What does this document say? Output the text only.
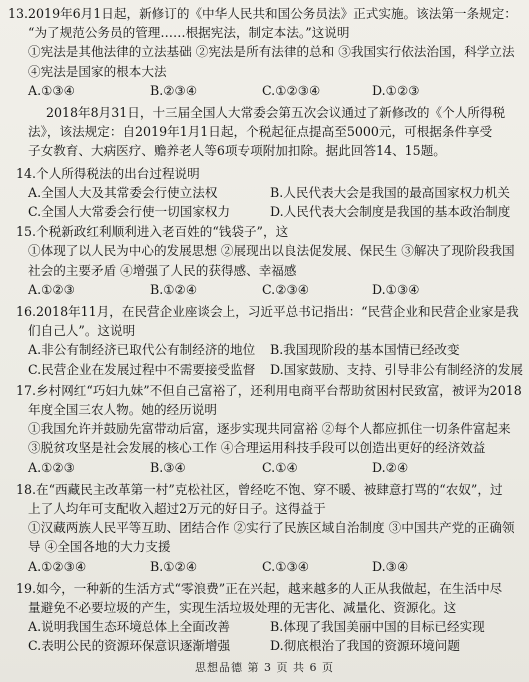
13.2019年6月1日起，新修订的《中华人民共和国公务员法》正式实施。该法第一条规定：
“为了规范公务员的管理……根据宪法，制定本法。”这说明
①宪法是其他法律的立法基础 ②宪法是所有法律的总和 ③我国实行依法治国，科学立法
④宪法是国家的根本大法
A.①③④	B.②③④	C.①②③④	D.①②③
2018年8月31日，十三届全国人大常委会第五次会议通过了新修改的《个人所得税
法》，该法规定：自2019年1月1日起，个税起征点提高至5000元，可根据条件享受
子女教育、大病医疗、赡养老人等6项专项附加扣除。据此回答14、15题。
14.个人所得税法的出台过程说明
A.全国人大及其常委会行使立法权	B.人民代表大会是我国的最高国家权力机关
C.全国人大常委会行使一切国家权力	D.人民代表大会制度是我国的基本政治制度
15.个税新政红利顺利进入老百姓的“钱袋子”，这
①体现了以人民为中心的发展思想 ②展现出以良法促发展、保民生 ③解决了现阶段我国
社会的主要矛盾 ④增强了人民的获得感、幸福感
A.①②③	B.①②④	C.②③④	D.①③④
16.2018年11月，在民营企业座谈会上，习近平总书记指出：“民营企业和民营企业家是我
们自己人”。这说明
A.非公有制经济已取代公有制经济的地位 B.我国现阶段的基本国情已经改变
C.民营企业在发展过程中不需要接受监督 D.国家鼓励、支持、引导非公有制经济的发展
17.乡村网红“巧妇九妹”不但自己富裕了，还利用电商平台帮助贫困村民致富，被评为2018
年度全国三农人物。她的经历说明
①我国允许并鼓励先富带动后富，逐步实现共同富裕 ②每个人都应抓住一切条件富起来
③脱贫攻坚是社会发展的核心工作 ④合理运用科技手段可以创造出更好的经济效益
A.①②③	B.③④	C.①④	D.②④
18.在“西藏民主改革第一村”克松社区，曾经吃不饱、穿不暖、被肆意打骂的“农奴”，过
上了人均年可支配收入超过2万元的好日子。这得益于
①汉藏两族人民平等互助、团结合作 ②实行了民族区域自治制度 ③中国共产党的正确领
导 ④全国各地的大力支援
A.①②③④	B.①②④	C.①③④	D.③④
19.如今，一种新的生活方式“零浪费”正在兴起，越来越多的人正从我做起，在生活中尽
量避免不必要垃圾的产生，实现生活垃圾处理的无害化、减量化、资源化。这
A.说明我国生态环境总体上全面改善	B.体现了我国美丽中国的目标已经实现
C.表明公民的资源环保意识逐渐增强	D.彻底根治了我国的资源环境问题
思想品德 第 3 页 共 6 页
